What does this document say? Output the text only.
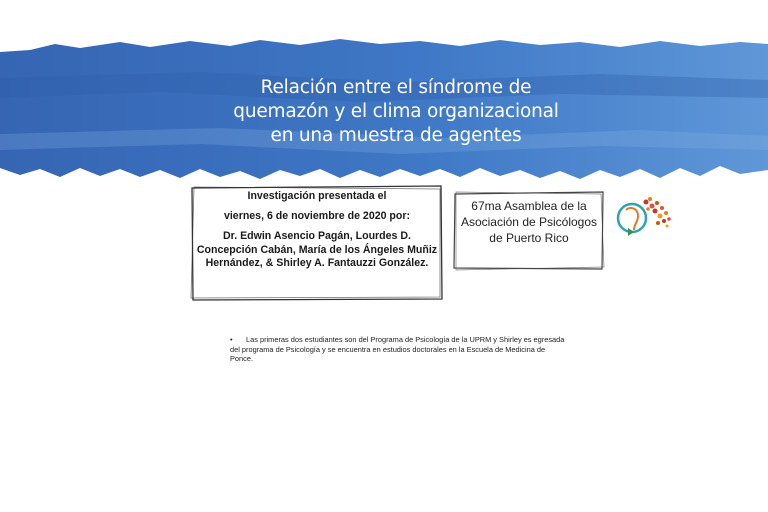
Relación entre el síndrome de
quemazón y el clima organizacional
en una muestra de agentes
Investigación presentada el
viernes, 6 de noviembre de 2020 por:
Dr. Edwin Asencio Pagán, Lourdes D. Concepción Cabán, María de los Ángeles Muñiz Hernández, & Shirley A. Fantauzzi González.
67ma Asamblea de la Asociación de Psicólogos de Puerto Rico
•	Las primeras dos estudiantes son del Programa de Psicología de la UPRM y Shirley es egresada del programa de Psicología y se encuentra en estudios doctorales en la Escuela de Medicina de Ponce.
